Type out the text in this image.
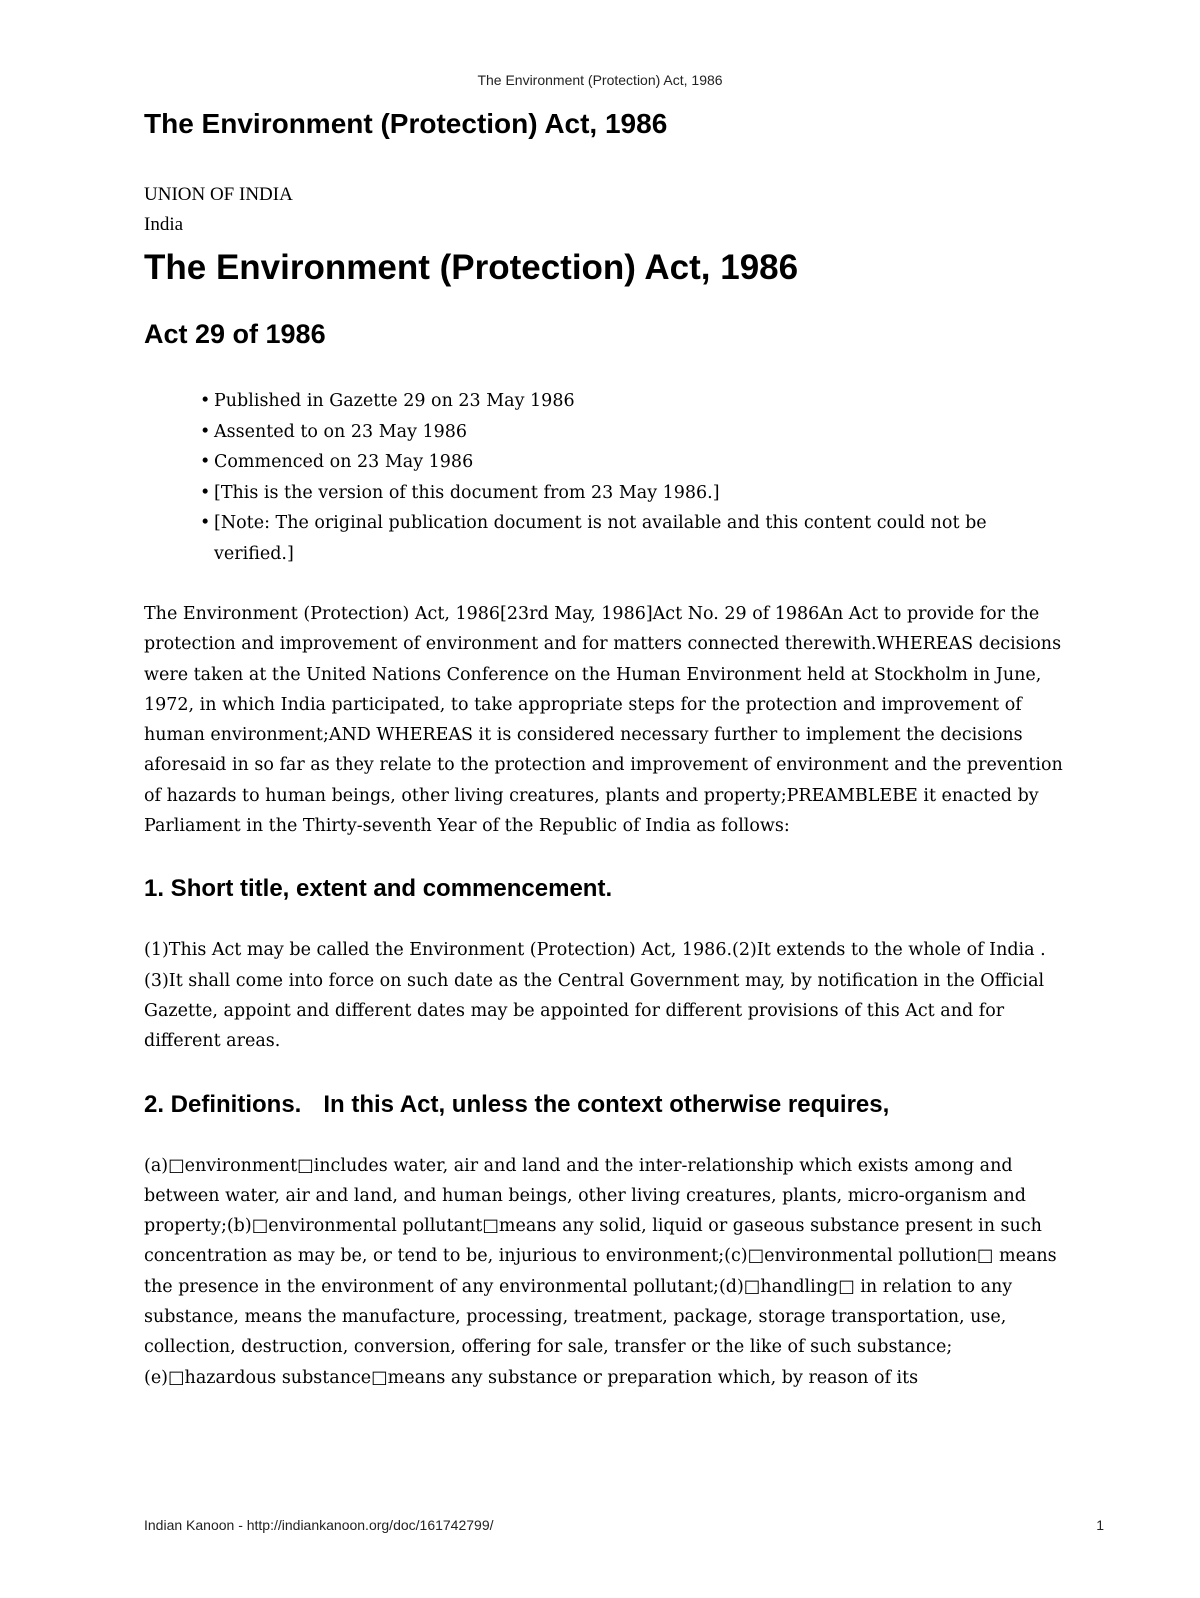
The Environment (Protection) Act, 1986
The Environment (Protection) Act, 1986

UNION OF INDIA

India

The Environment (Protection) Act, 1986
Act 29 of 1986
• Published in Gazette 29 on 23 May 1986
• Assented to on 23 May 1986
• Commenced on 23 May 1986
• [This is the version of this document from 23 May 1986.]
• [Note: The original publication document is not available and this content could not be verified.]

The Environment (Protection) Act, 1986[23rd May, 1986]Act No. 29 of 1986An Act to provide for the protection and improvement of environment and for matters connected therewith.WHEREAS decisions were taken at the United Nations Conference on the Human Environment held at Stockholm in June, 1972, in which India participated, to take appropriate steps for the protection and improvement of human environment;AND WHEREAS it is considered necessary further to implement the decisions aforesaid in so far as they relate to the protection and improvement of environment and the prevention of hazards to human beings, other living creatures, plants and property;PREAMBLEBE it enacted by Parliament in the Thirty-seventh Year of the Republic of India as follows:

1. Short title, extent and commencement.

(1)This Act may be called the Environment (Protection) Act, 1986.(2)It extends to the whole of India .(3)It shall come into force on such date as the Central Government may, by notification in the Official Gazette, appoint and different dates may be appointed for different provisions of this Act and for different areas.

2. Definitions. In this Act, unless the context otherwise requires,

(a)□environment□includes water, air and land and the inter-relationship which exists among and between water, air and land, and human beings, other living creatures, plants, micro-organism and property;(b)□environmental pollutant□means any solid, liquid or gaseous substance present in such concentration as may be, or tend to be, injurious to environment;(c)□environmental pollution□ means the presence in the environment of any environmental pollutant;(d)□handling□ in relation to any substance, means the manufacture, processing, treatment, package, storage transportation, use, collection, destruction, conversion, offering for sale, transfer or the like of such substance;(e)□hazardous substance□means any substance or preparation which, by reason of its

Indian Kanoon - http://indiankanoon.org/doc/161742799/	1
